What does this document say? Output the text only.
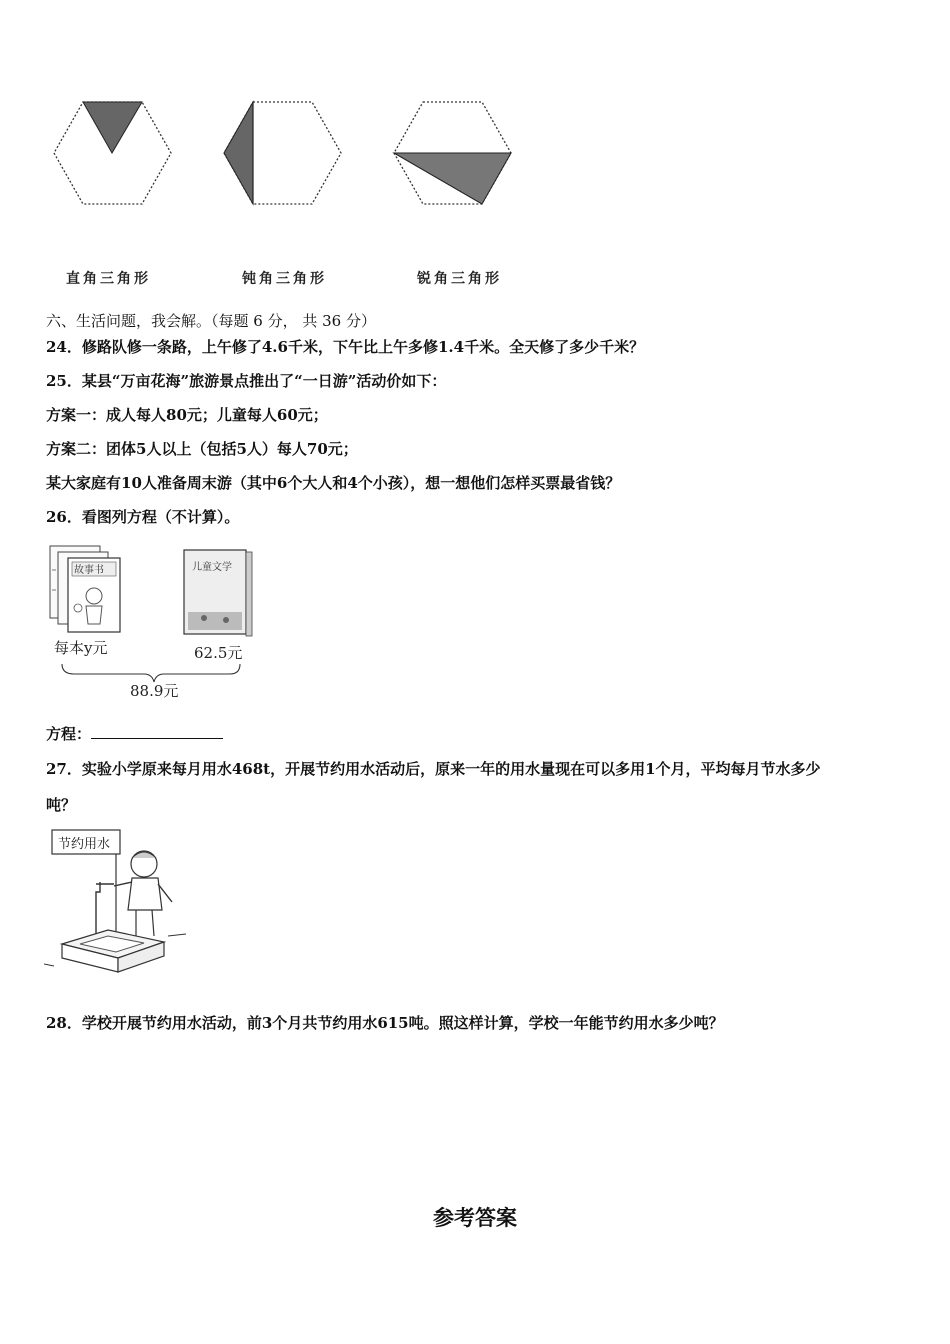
直角三角形	钝角三角形	锐角三角形
六、生活问题，我会解。（每题 6 分， 共 36 分）
24．修路队修一条路，上午修了4.6千米，下午比上午多修1.4千米。全天修了多少千米？
25．某县“万亩花海”旅游景点推出了“一日游”活动价如下：
方案一：成人每人80元；儿童每人60元；
方案二：团体5人以上（包括5人）每人70元；
某大家庭有10人准备周末游（其中6个大人和4个小孩），想一想他们怎样买票最省钱？
26．看图列方程（不计算）。
故事书	儿童文学
每本y元	62.5元
88.9元
方程：
27．实验小学原来每月用水468t，开展节约用水活动后，原来一年的用水量现在可以多用1个月，平均每月节水多少
吨？
节约用水
28．学校开展节约用水活动，前3个月共节约用水615吨。照这样计算，学校一年能节约用水多少吨？
参考答案
